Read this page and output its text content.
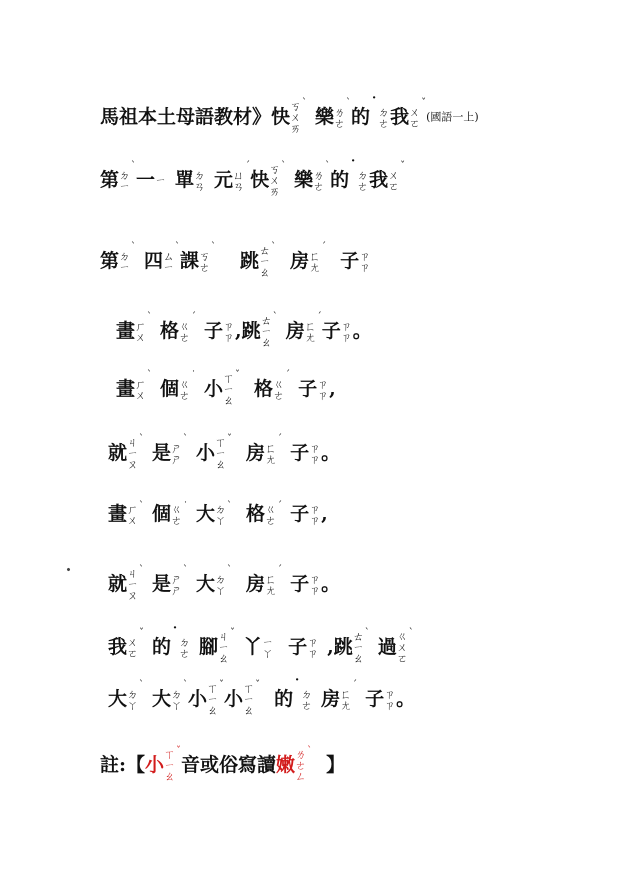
馬祖本土母語教材》快 ㄎ
ㄨ
ㄞ
$^ˋ$樂 ㄌ
ㄜ
$^ˋ$的˙ ㄉ
ㄜ 我 ㄨ
ㄛ
$^ˇ$(國語一上)
第 ㄉ
ㄧ
$^ˋ$一 ㄧ 單 ㄉ
ㄢ 元 ㄩ
ㄢ
$^ˊ$快 ㄎ
ㄨ
ㄞ
$^ˋ$樂 ㄌ
ㄜ
$^ˋ$的˙ ㄉ
ㄜ 我 ㄨ
ㄛ
$^ˇ$
第 ㄉ
ㄧ
$^ˋ$四 ㄙ
ㄧ
$^ˋ$課 ㄎ
ㄜ
$^ˋ$跳 ㄊ
ㄧ
ㄠ
$^ˋ$房 ㄈ
ㄤ
$^ˊ$子 ㄗ
ㄗ
畫 ㄏ
ㄨ
$^ˋ$格 ㄍ
ㄜ
$^ˊ$子 ㄗ
ㄗ ,跳 ㄊ
ㄧ
ㄠ
$^ˋ$房 ㄈ
ㄤ
$^ˊ$子 ㄗ
ㄗ 。
畫 ㄏ
ㄨ
$^ˋ$個 ㄍ
ㄜ
˙小 ㄒ
ㄧ
ㄠ
$^ˇ$格 ㄍ
ㄜ
$^ˊ$子 ㄗ
ㄗ ,
就 ㄐ
ㄧ
ㄡ
$^ˋ$是 ㄕ
ㄕ
$^ˋ$小 ㄒ
ㄧ
ㄠ
$^ˇ$房 ㄈ
ㄤ
$^ˊ$子 ㄗ
ㄗ 。
畫 ㄏ
ㄨ
$^ˋ$ 個 ㄍ
ㄜ
˙ 大 ㄉ
ㄚ
$^ˋ$ 格 ㄍ
ㄜ
$^ˊ$ 子 ㄗ
ㄗ ,
就 ㄐ
ㄧ
ㄡ
$^ˋ$是 ㄕ
ㄕ
$^ˋ$大 ㄉ
ㄚ
$^ˋ$房 ㄈ
ㄤ
$^ˊ$子 ㄗ
ㄗ 。
我 ㄨ
ㄛ
$^ˇ$的˙ ㄉ
ㄜ 腳 ㄐ
ㄧ
ㄠ
$^ˇ$丫 ㄧ
ㄚ 子 ㄗ
ㄗ ,跳 ㄊ
ㄧ
ㄠ
$^ˋ$過 ㄍ
ㄨ
ㄛ
$^ˋ$
大 ㄉ
ㄚ
$^ˋ$大 ㄉ
ㄚ
$^ˋ$小 ㄒ
ㄧ
ㄠ
$^ˇ$小 ㄒ
ㄧ
ㄠ
$^ˇ$的˙ ㄉ
ㄜ 房 ㄈ
ㄤ
$^ˊ$子 ㄗ
ㄗ 。
註:【小 ㄒ
ㄧ
ㄠ
$^ˇ$音或俗寫讀嫩 ㄌ
ㄜ
ㄥ
$^ˋ$】
